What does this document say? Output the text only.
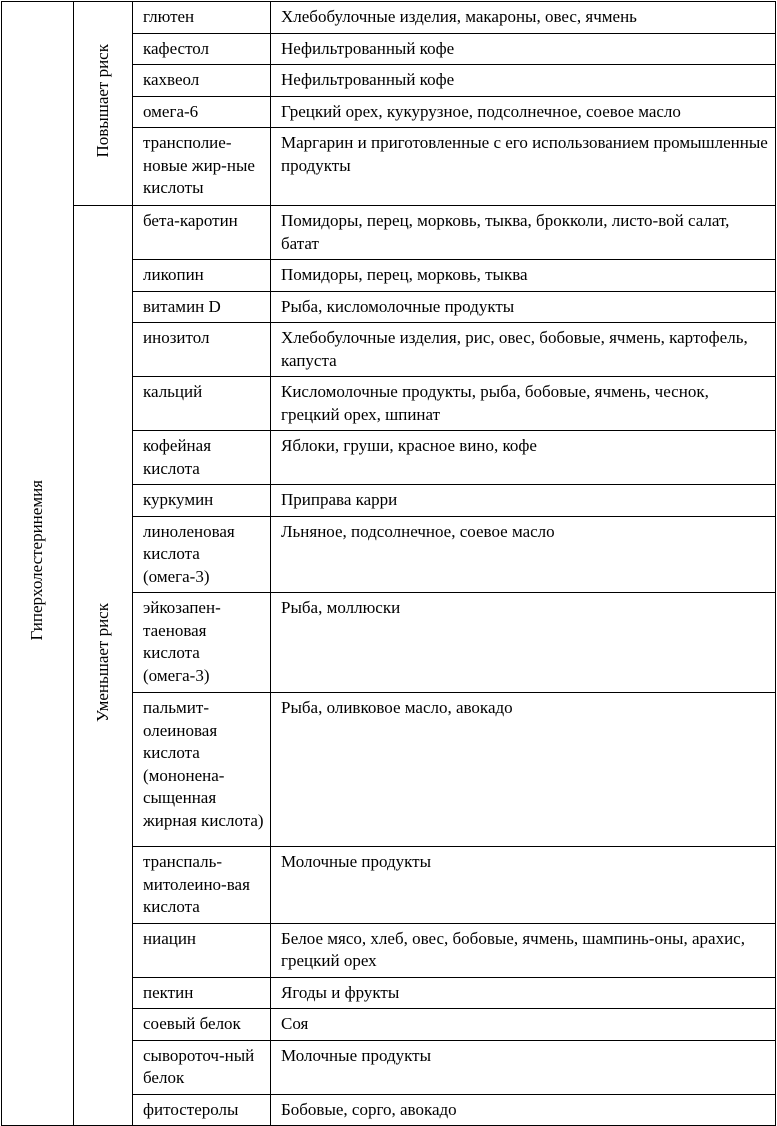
Гиперхолестеринемия	Повышает риск	глютен	Хлебобулочные изделия, макароны, овес, ячмень
		кафестол	Нефильтрованный кофе
		кахвеол	Нефильтрованный кофе
		омега-6	Грецкий орех, кукурузное, подсолнечное, соевое масло
		трансполие-новые жир-ные кислоты	Маргарин и приготовленные с его использованием промышленные продукты
	Уменьшает риск	бета-каротин	Помидоры, перец, морковь, тыква, брокколи, листо-вой салат, батат
		ликопин	Помидоры, перец, морковь, тыква
		витамин D	Рыба, кисломолочные продукты
		инозитол	Хлебобулочные изделия, рис, овес, бобовые, ячмень, картофель, капуста
		кальций	Кисломолочные продукты, рыба, бобовые, ячмень, чеснок, грецкий орех, шпинат
		кофейная кислота	Яблоки, груши, красное вино, кофе
		куркумин	Приправа карри
		линоленовая кислота (омега-3)	Льняное, подсолнечное, соевое масло
		эйкозапен-таеновая кислота (омега-3)	Рыба, моллюски
		пальмит-олеиновая кислота (мононена-сыщенная жирная кислота)	Рыба, оливковое масло, авокадо
		транспаль-митолеино-вая кислота	Молочные продукты
		ниацин	Белое мясо, хлеб, овес, бобовые, ячмень, шампинь-оны, арахис, грецкий орех
		пектин	Ягоды и фрукты
		соевый белок	Соя
		сывороточ-ный белок	Молочные продукты
		фитостеролы	Бобовые, сорго, авокадо
